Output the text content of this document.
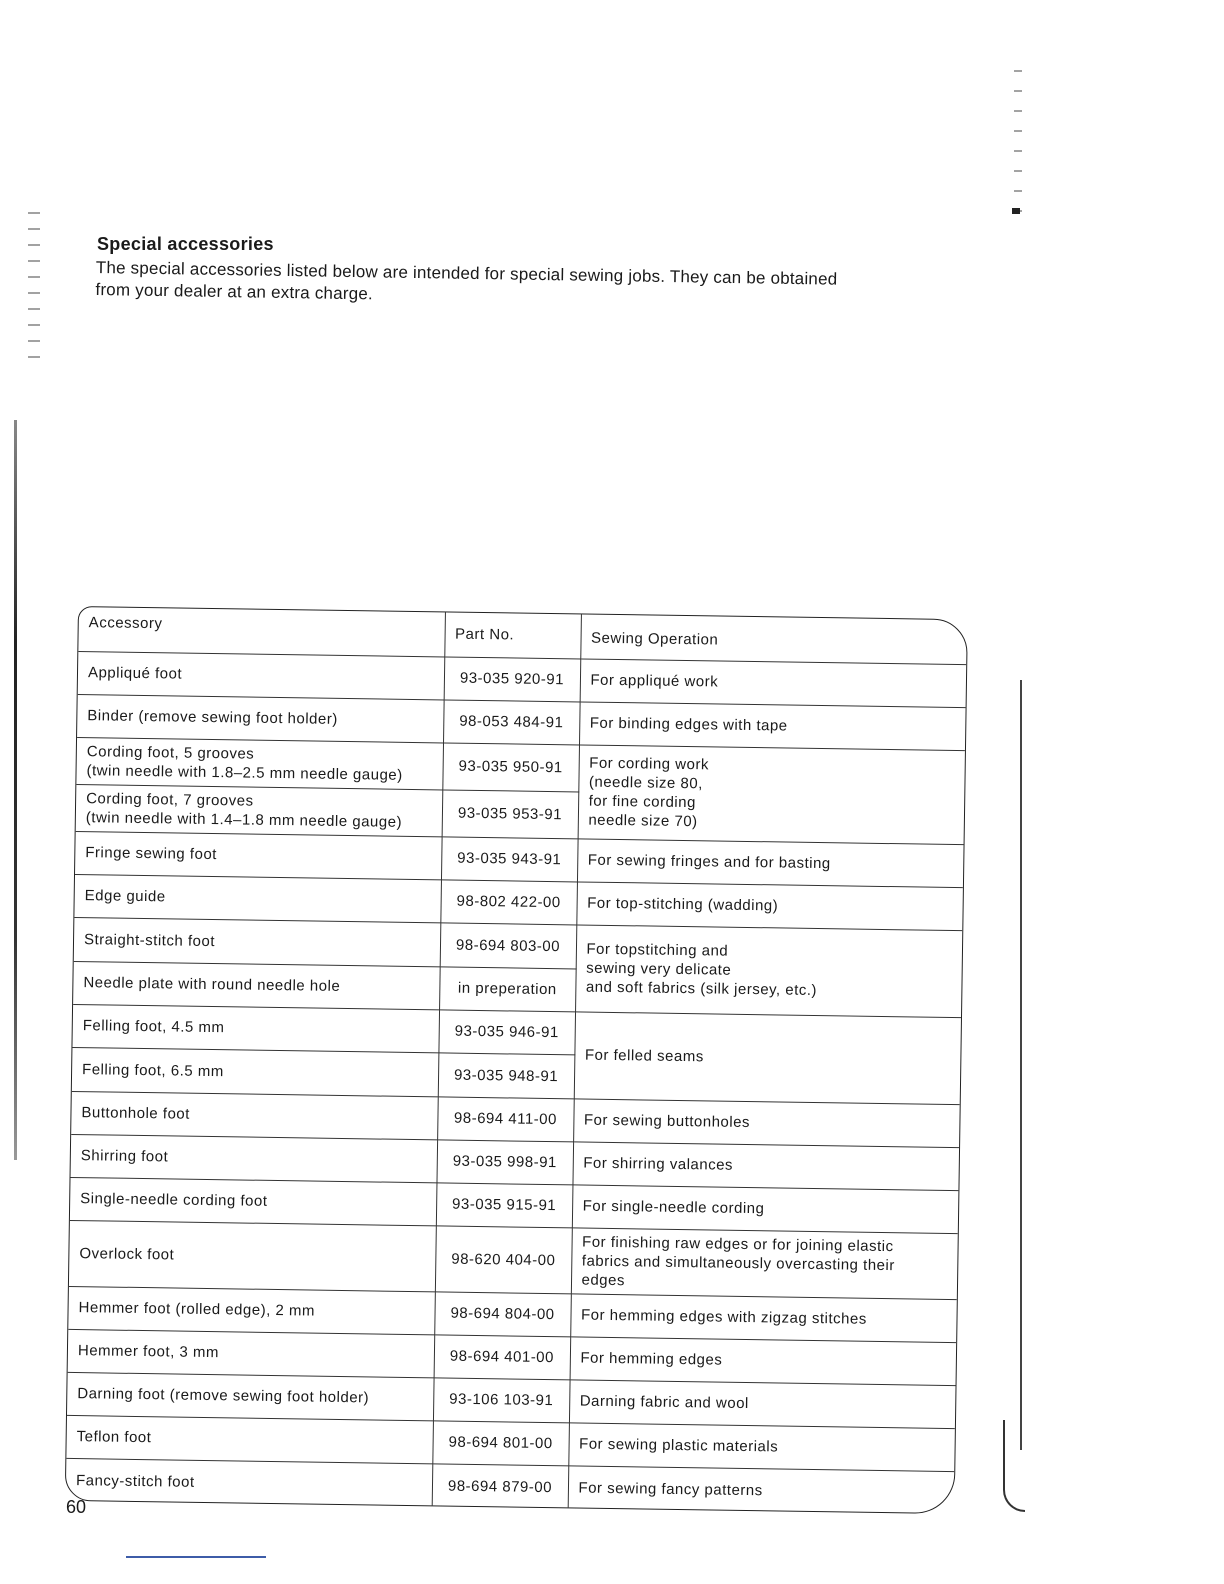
Special accessories

The special accessories listed below are intended for special sewing jobs. They can be obtained from your dealer at an extra charge.

Accessory	Part No.	Sewing Operation
Appliqué foot	93-035 920-91	For appliqué work
Binder (remove sewing foot holder)	98-053 484-91	For binding edges with tape

Cording foot, 5 grooves
(twin needle with 1.8–2.5 mm needle gauge)	93-035 950-91	For cording work
(needle size 80,
for fine cording
needle size 70)

Cording foot, 7 grooves
(twin needle with 1.4–1.8 mm needle gauge)	93-035 953-91	
Fringe sewing foot	93-035 943-91	For sewing fringes and for basting
Edge guide	98-802 422-00	For top-stitching (wadding)
Straight-stitch foot	98-694 803-00	For topstitching and
sewing very delicate
and soft fabrics (silk jersey, etc.)

Needle plate with round needle hole	in preperation	
Felling foot, 4.5 mm	93-035 946-91	For felled seams
Felling foot, 6.5 mm	93-035 948-91	
Buttonhole foot	98-694 411-00	For sewing buttonholes
Shirring foot	93-035 998-91	For shirring valances
Single-needle cording foot	93-035 915-91	For single-needle cording
Overlock foot	98-620 404-00	For finishing raw edges or for joining elastic
fabrics and simultaneously overcasting their
edges

Hemmer foot (rolled edge), 2 mm	98-694 804-00	For hemming edges with zigzag stitches
Hemmer foot, 3 mm	98-694 401-00	For hemming edges
Darning foot (remove sewing foot holder)	93-106 103-91	Darning fabric and wool
Teflon foot	98-694 801-00	For sewing plastic materials
Fancy-stitch foot	98-694 879-00	For sewing fancy patterns

60
